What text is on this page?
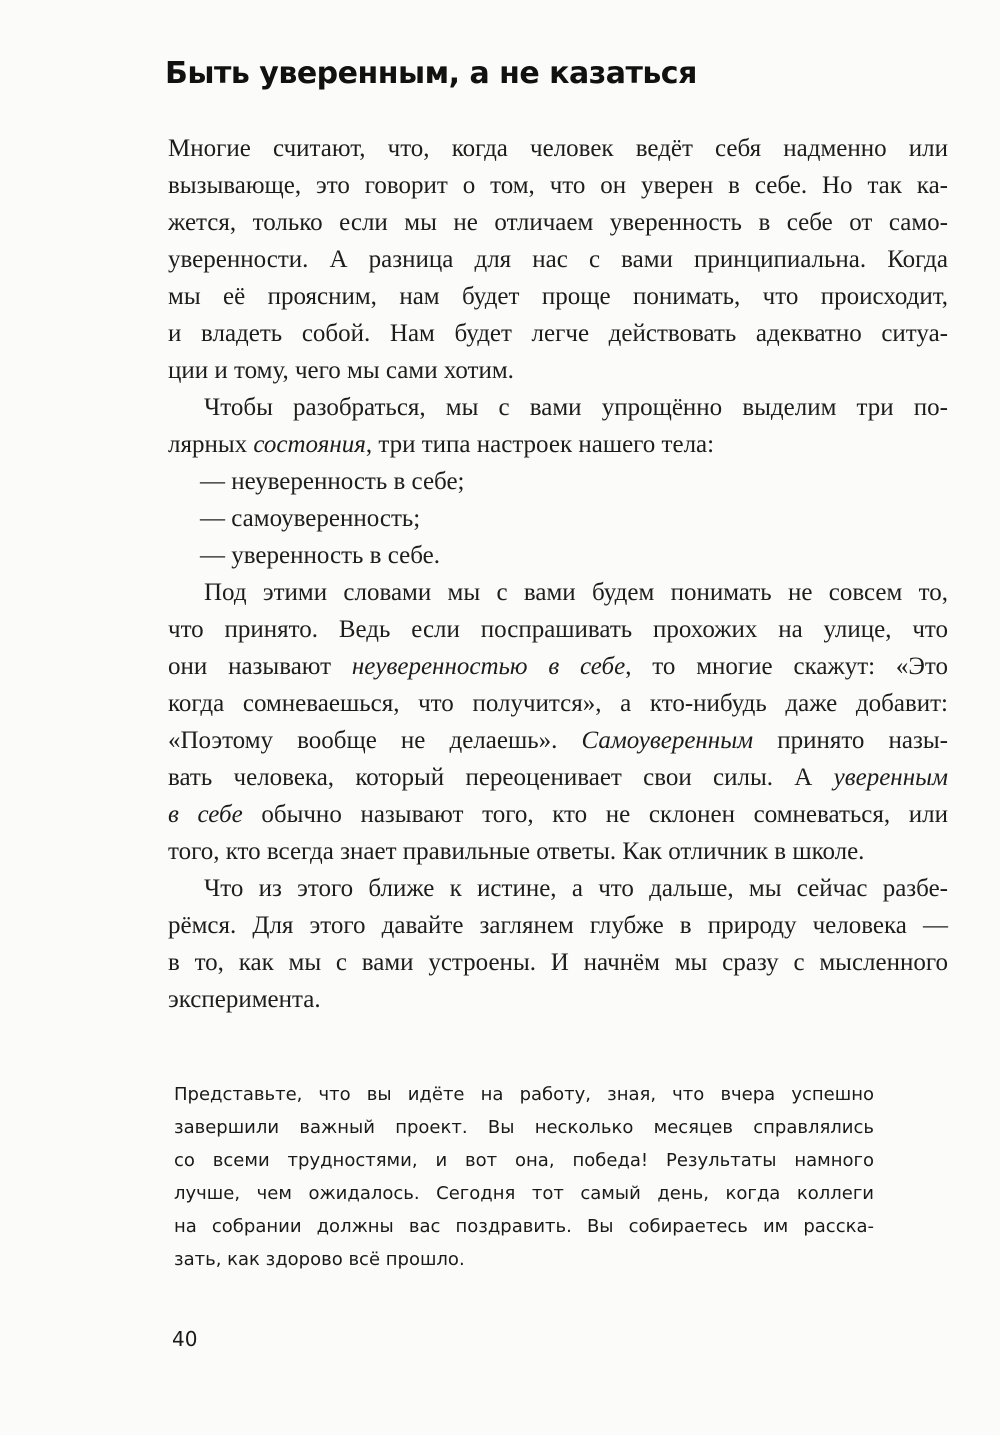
Быть уверенным, а не казаться
Многие считают, что, когда человек ведёт себя надменно или
вызывающе, это говорит о том, что он уверен в себе. Но так ка-
жется, только если мы не отличаем уверенность в себе от само-
уверенности. А разница для нас с вами принципиальна. Когда
мы её проясним, нам будет проще понимать, что происходит,
и владеть собой. Нам будет легче действовать адекватно ситуа-
ции и тому, чего мы сами хотим.
Чтобы разобраться, мы с вами упрощённо выделим три по-
лярных состояния, три типа настроек нашего тела:
— неуверенность в себе;
— самоуверенность;
— уверенность в себе.
Под этими словами мы с вами будем понимать не совсем то,
что принято. Ведь если поспрашивать прохожих на улице, что
они называют неуверенностью в себе, то многие скажут: «Это
когда сомневаешься, что получится», а кто-нибудь даже добавит:
«Поэтому вообще не делаешь». Самоуверенным принято назы-
вать человека, который переоценивает свои силы. А уверенным
в себе обычно называют того, кто не склонен сомневаться, или
того, кто всегда знает правильные ответы. Как отличник в школе.
Что из этого ближе к истине, а что дальше, мы сейчас разбе-
рёмся. Для этого давайте заглянем глубже в природу человека —
в то, как мы с вами устроены. И начнём мы сразу с мысленного
эксперимента.
Представьте, что вы идёте на работу, зная, что вчера успешно
завершили важный проект. Вы несколько месяцев справлялись
со всеми трудностями, и вот она, победа! Результаты намного
лучше, чем ожидалось. Сегодня тот самый день, когда коллеги
на собрании должны вас поздравить. Вы собираетесь им расска-
зать, как здорово всё прошло.
40
